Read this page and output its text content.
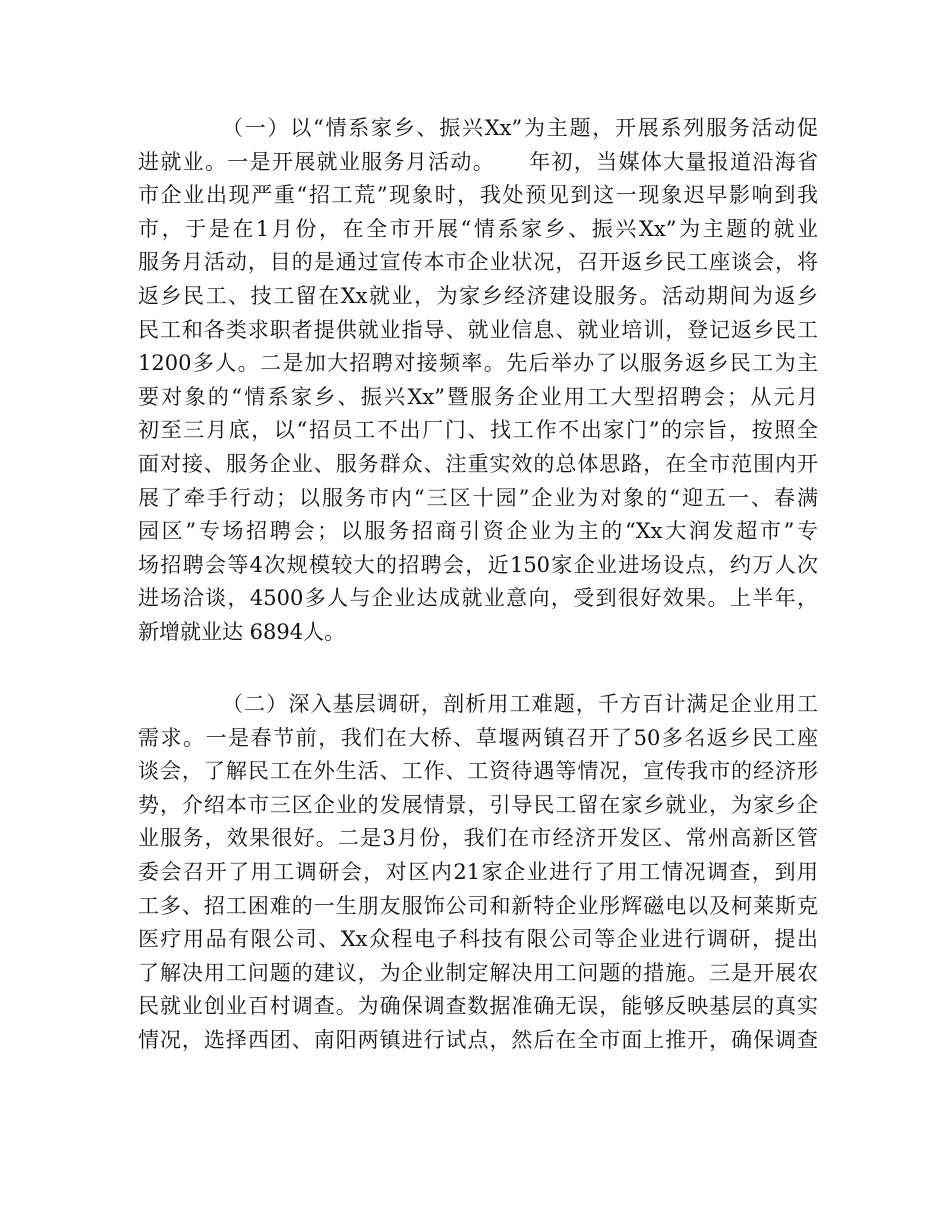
（一）以“情系家乡、振兴Xx”为主题，开展系列服务活动促
进就业。一是开展就业服务月活动。　　年初，当媒体大量报道沿海省
市企业出现严重“招工荒”现象时，我处预见到这一现象迟早影响到我
市，于是在1月份，在全市开展“情系家乡、振兴Xx”为主题的就业
服务月活动，目的是通过宣传本市企业状况，召开返乡民工座谈会，将
返乡民工、技工留在Xx就业，为家乡经济建设服务。活动期间为返乡
民工和各类求职者提供就业指导、就业信息、就业培训，登记返乡民工
1200多人。二是加大招聘对接频率。先后举办了以服务返乡民工为主
要对象的“情系家乡、振兴Xx”暨服务企业用工大型招聘会；从元月
初至三月底，以“招员工不出厂门、找工作不出家门”的宗旨，按照全
面对接、服务企业、服务群众、注重实效的总体思路，在全市范围内开
展了牵手行动；以服务市内“三区十园”企业为对象的“迎五一、春满
园区”专场招聘会；以服务招商引资企业为主的“Xx大润发超市”专
场招聘会等4次规模较大的招聘会，近150家企业进场设点，约万人次
进场洽谈，4500多人与企业达成就业意向，受到很好效果。上半年，
新增就业达 6894人。
（二）深入基层调研，剖析用工难题，千方百计满足企业用工
需求。一是春节前，我们在大桥、草堰两镇召开了50多名返乡民工座
谈会，了解民工在外生活、工作、工资待遇等情况，宣传我市的经济形
势，介绍本市三区企业的发展情景，引导民工留在家乡就业，为家乡企
业服务，效果很好。二是3月份，我们在市经济开发区、常州高新区管
委会召开了用工调研会，对区内21家企业进行了用工情况调查，到用
工多、招工困难的一生朋友服饰公司和新特企业彤辉磁电以及柯莱斯克
医疗用品有限公司、Xx众程电子科技有限公司等企业进行调研，提出
了解决用工问题的建议，为企业制定解决用工问题的措施。三是开展农
民就业创业百村调查。为确保调查数据准确无误，能够反映基层的真实
情况，选择西团、南阳两镇进行试点，然后在全市面上推开，确保调查
